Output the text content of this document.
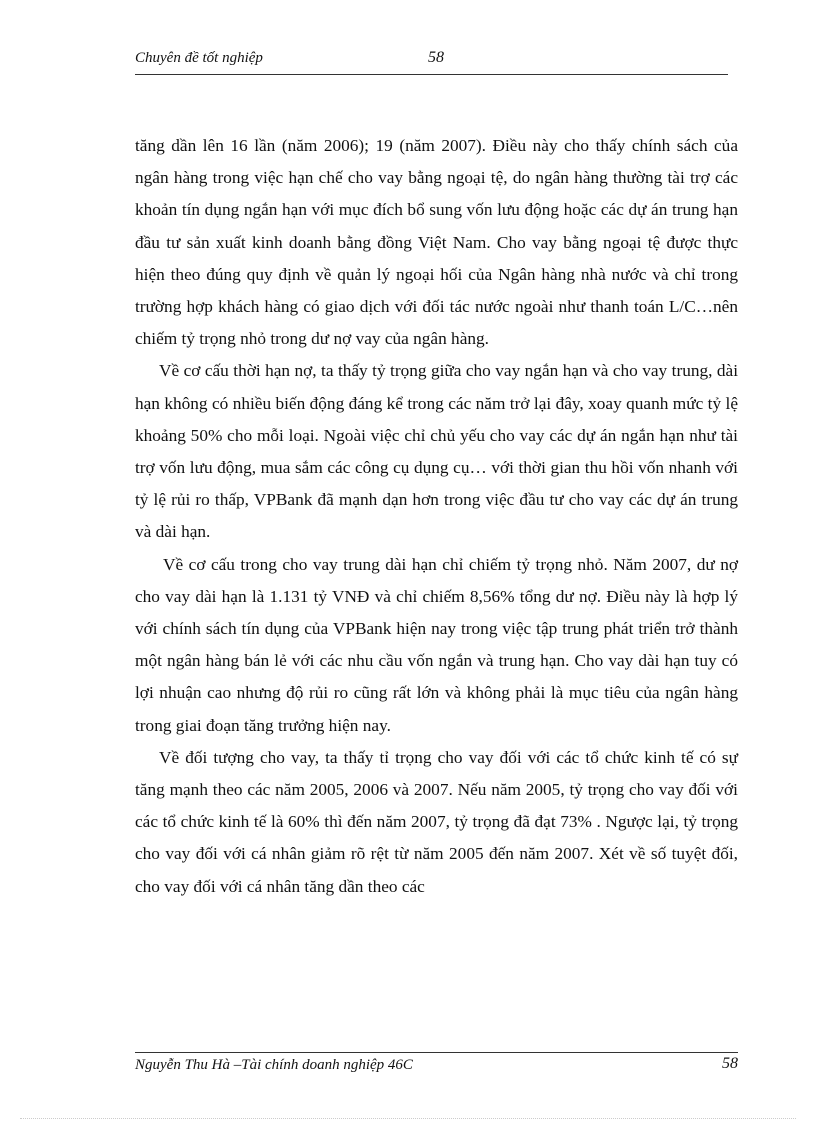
Chuyên đề tốt nghiệp	58

tăng dần lên 16 lần (năm 2006); 19 (năm 2007). Điều này cho thấy chính sách của ngân hàng trong việc hạn chế cho vay bằng ngoại tệ, do ngân hàng thường tài trợ các khoản tín dụng ngắn hạn với mục đích bổ sung vốn lưu động hoặc các dự án trung hạn đầu tư sản xuất kinh doanh bằng đồng Việt Nam. Cho vay bằng ngoại tệ được thực hiện theo đúng quy định về quản lý ngoại hối của Ngân hàng nhà nước và chỉ trong trường hợp khách hàng có giao dịch với đối tác nước ngoài như thanh toán L/C…nên chiếm tỷ trọng nhỏ trong dư nợ vay của ngân hàng.

Về cơ cấu thời hạn nợ, ta thấy tỷ trọng giữa cho vay ngắn hạn và cho vay trung, dài hạn không có nhiều biến động đáng kể trong các năm trở lại đây, xoay quanh mức tỷ lệ khoảng 50% cho mỗi loại. Ngoài việc chỉ chủ yếu cho vay các dự án ngắn hạn như tài trợ vốn lưu động, mua sắm các công cụ dụng cụ… với thời gian thu hồi vốn nhanh với tỷ lệ rủi ro thấp, VPBank đã mạnh dạn hơn trong việc đầu tư cho vay các dự án trung và dài hạn.

Về cơ cấu trong cho vay trung dài hạn chỉ chiếm tỷ trọng nhỏ. Năm 2007, dư nợ cho vay dài hạn là 1.131 tỷ VNĐ và chỉ chiếm 8,56% tổng dư nợ. Điều này là hợp lý với chính sách tín dụng của VPBank hiện nay trong việc tập trung phát triển trở thành một ngân hàng bán lẻ với các nhu cầu vốn ngắn và trung hạn. Cho vay dài hạn tuy có lợi nhuận cao nhưng độ rủi ro cũng rất lớn và không phải là mục tiêu của ngân hàng trong giai đoạn tăng trưởng hiện nay.

Về đối tượng cho vay, ta thấy tỉ trọng cho vay đối với các tổ chức kinh tế có sự tăng mạnh theo các năm 2005, 2006 và 2007. Nếu năm 2005, tỷ trọng cho vay đối với các tổ chức kinh tế là 60% thì đến năm 2007, tỷ trọng đã đạt 73% . Ngược lại, tỷ trọng cho vay đối với cá nhân giảm rõ rệt từ năm 2005 đến năm 2007. Xét về số tuyệt đối, cho vay đối với cá nhân tăng dần theo các

Nguyễn Thu Hà –Tài chính doanh nghiệp 46C	58
